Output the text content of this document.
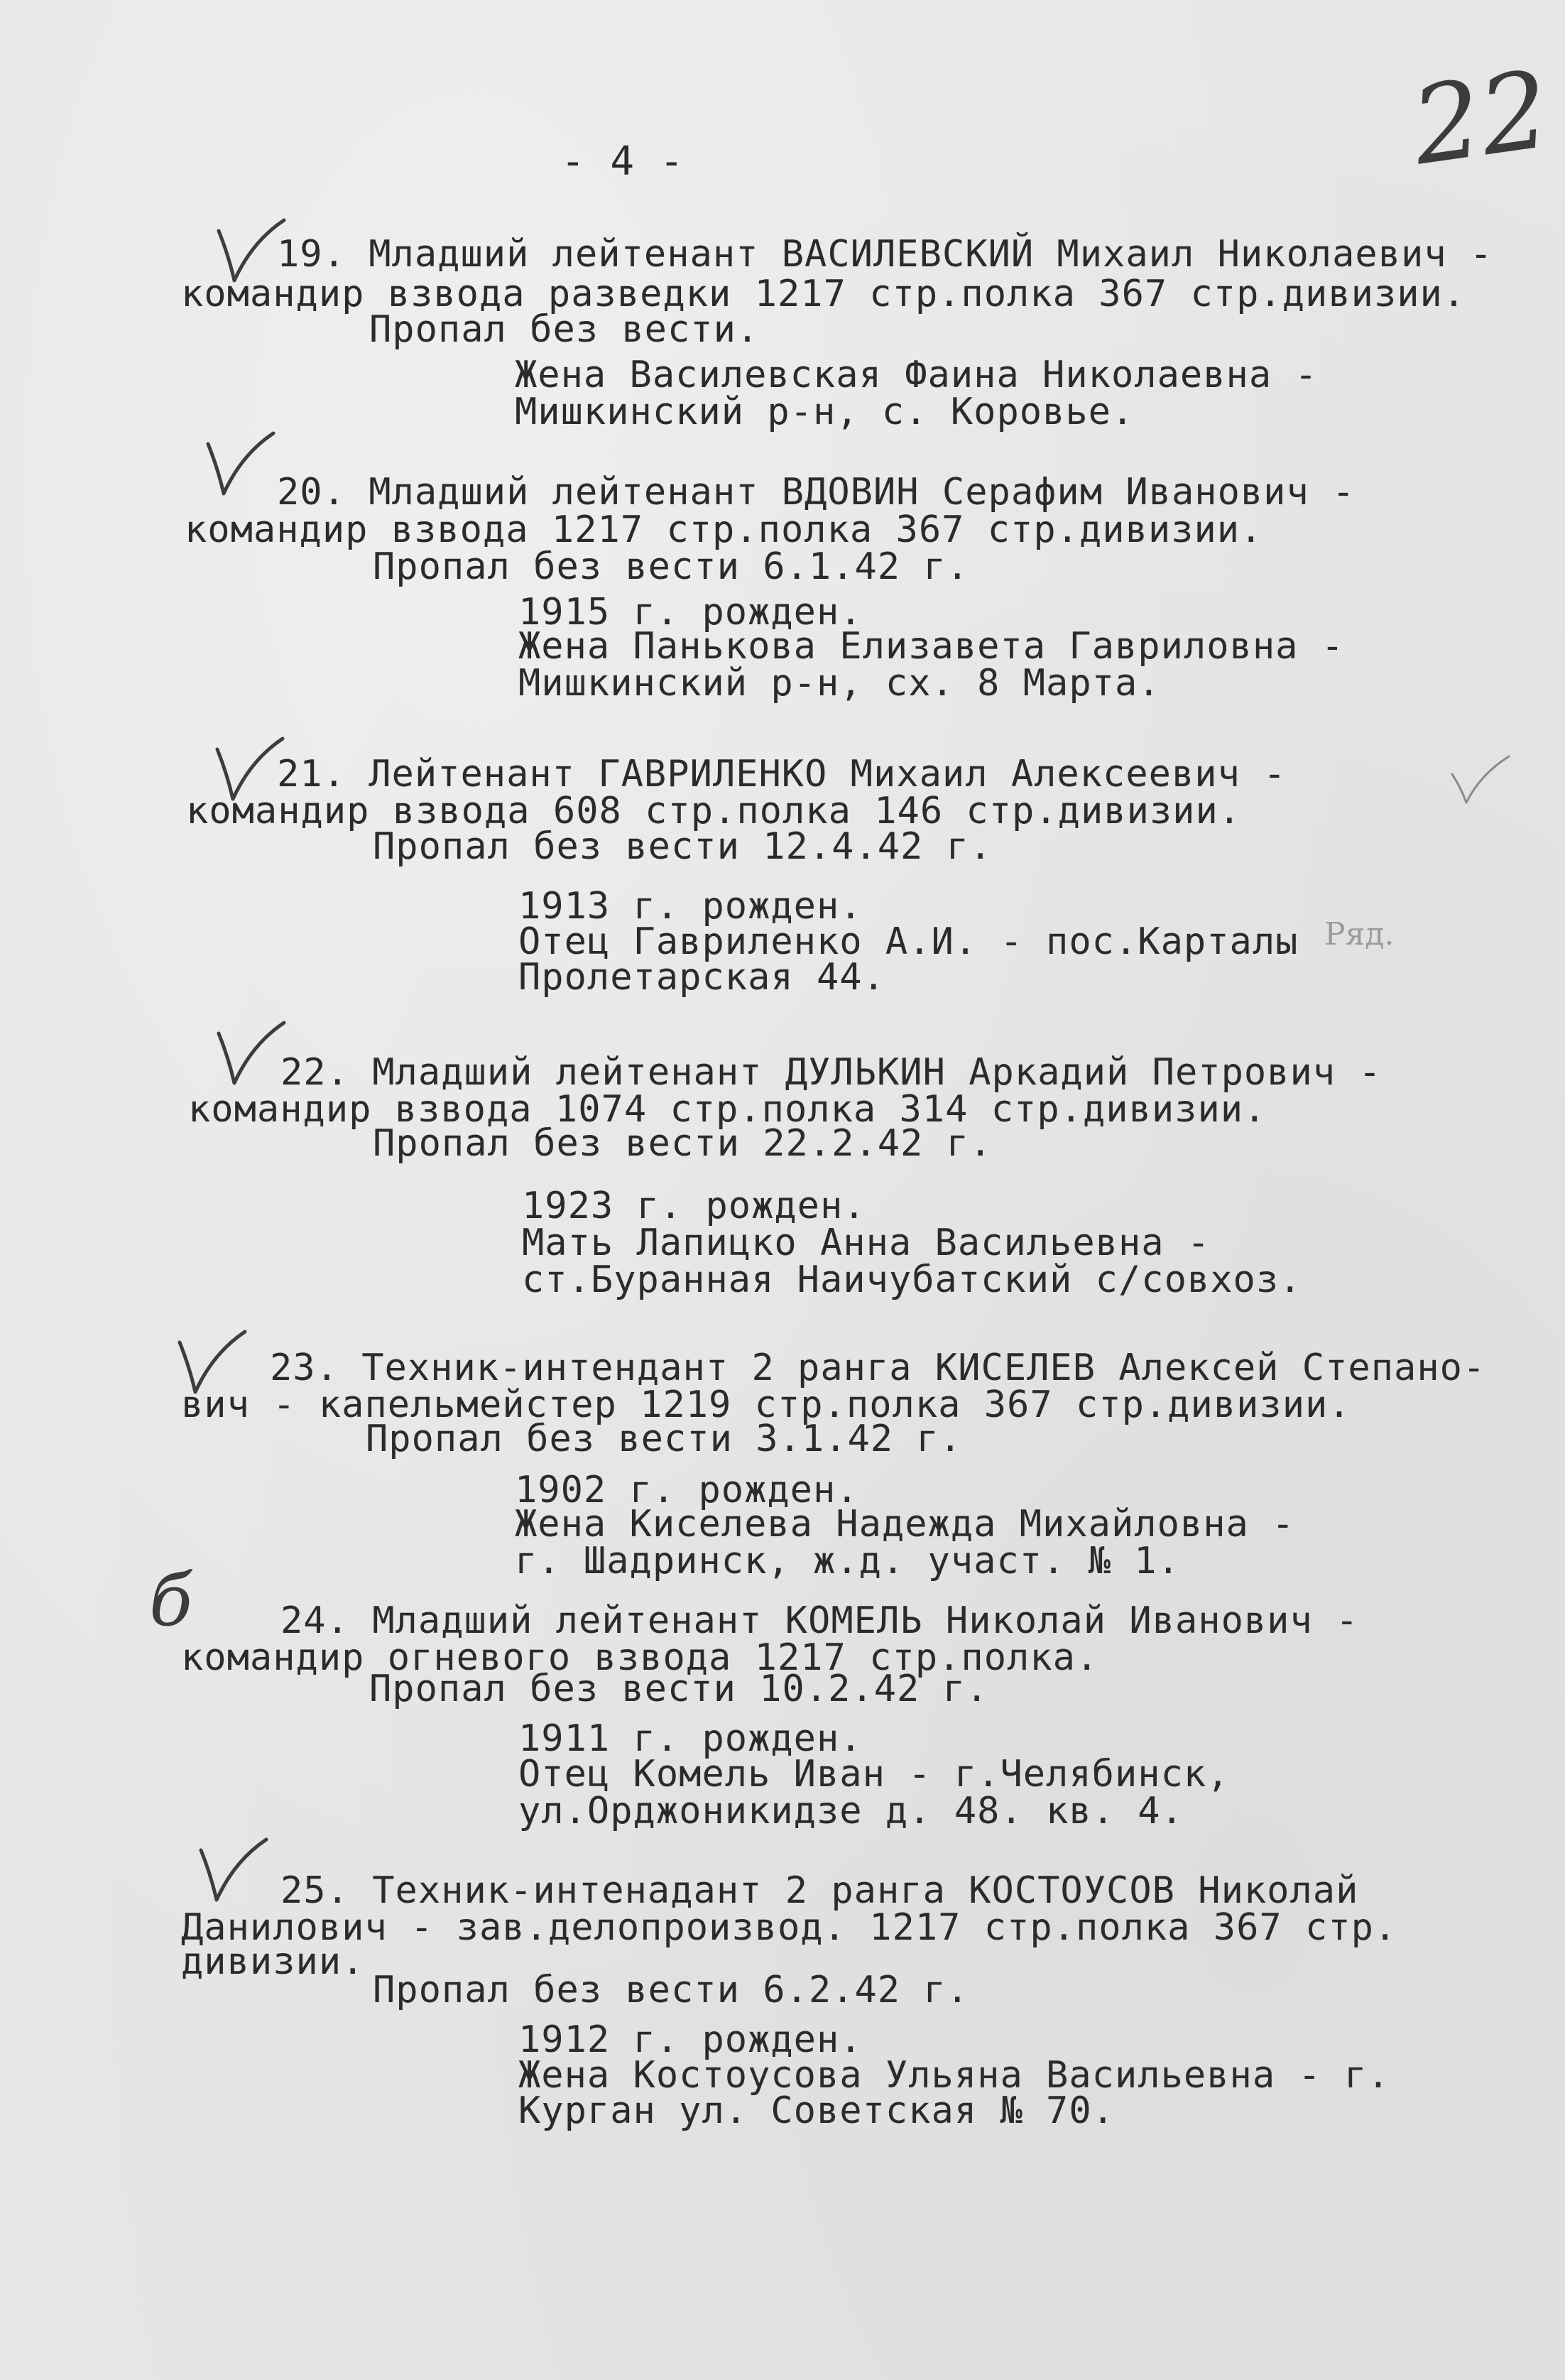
- 4 -	22
19. Младший лейтенант ВАСИЛЕВСКИЙ Михаил Николаевич -
командир взвода разведки 1217 стр.полка 367 стр.дивизии.
Пропал без вести.
Жена Василевская Фаина Николаевна -
Мишкинский р-н, с. Коровье.
20. Младший лейтенант ВДОВИН Серафим Иванович -
командир взвода 1217 стр.полка 367 стр.дивизии.
Пропал без вести 6.1.42 г.
1915 г. рожден.
Жена Панькова Елизавета Гавриловна -
Мишкинский р-н, сх. 8 Марта.
21. Лейтенант ГАВРИЛЕНКО Михаил Алексеевич -
командир взвода 608 стр.полка 146 стр.дивизии.
Пропал без вести 12.4.42 г.
1913 г. рожден.
Отец Гавриленко А.И. - пос.Карталы Ряд.
Пролетарская 44.
22. Младший лейтенант ДУЛЬКИН Аркадий Петрович -
командир взвода 1074 стр.полка 314 стр.дивизии.
Пропал без вести 22.2.42 г.
1923 г. рожден.
Мать Лапицко Анна Васильевна -
ст.Буранная Наичубатский с/совхоз.
23. Техник-интендант 2 ранга КИСЕЛЕВ Алексей Степано-
вич - капельмейстер 1219 стр.полка 367 стр.дивизии.
Пропал без вести 3.1.42 г.
1902 г. рожден.
Жена Киселева Надежда Михайловна -
г. Шадринск, ж.д. участ. № 1.
б 24. Младший лейтенант КОМЕЛЬ Николай Иванович -
командир огневого взвода 1217 стр.полка.
Пропал без вести 10.2.42 г.
1911 г. рожден.
Отец Комель Иван - г.Челябинск,
ул.Орджоникидзе д. 48. кв. 4.
25. Техник-интенадант 2 ранга КОСТОУСОВ Николай
Данилович - зав.делопроизвод. 1217 стр.полка 367 стр.
дивизии.
Пропал без вести 6.2.42 г.
1912 г. рожден.
Жена Костоусова Ульяна Васильевна - г.
Курган ул. Советская № 70.
